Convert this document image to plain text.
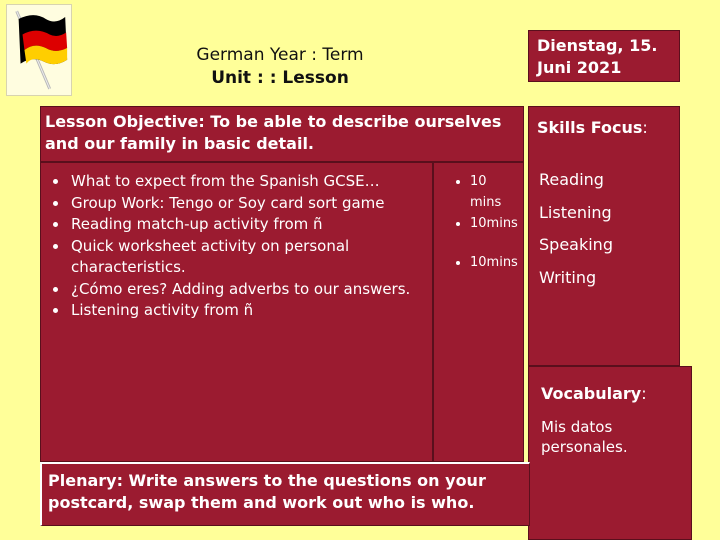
German Year : Term
Unit : : Lesson
Dienstag, 15.
Juni 2021
Lesson Objective: To be able to describe ourselves
and our family in basic detail.
• What to expect from the Spanish GCSE…
• Group Work: Tengo or Soy card sort game
• Reading match-up activity from ñ
• Quick worksheet activity on personal characteristics.
• ¿Cómo eres? Adding adverbs to our answers.
• Listening activity from ñ
• 10 mins
• 10mins
• 10mins
Skills Focus:
Reading
Listening
Speaking
Writing
Vocabulary:
Mis datos
personales.
Plenary: Write answers to the questions on your
postcard, swap them and work out who is who.
